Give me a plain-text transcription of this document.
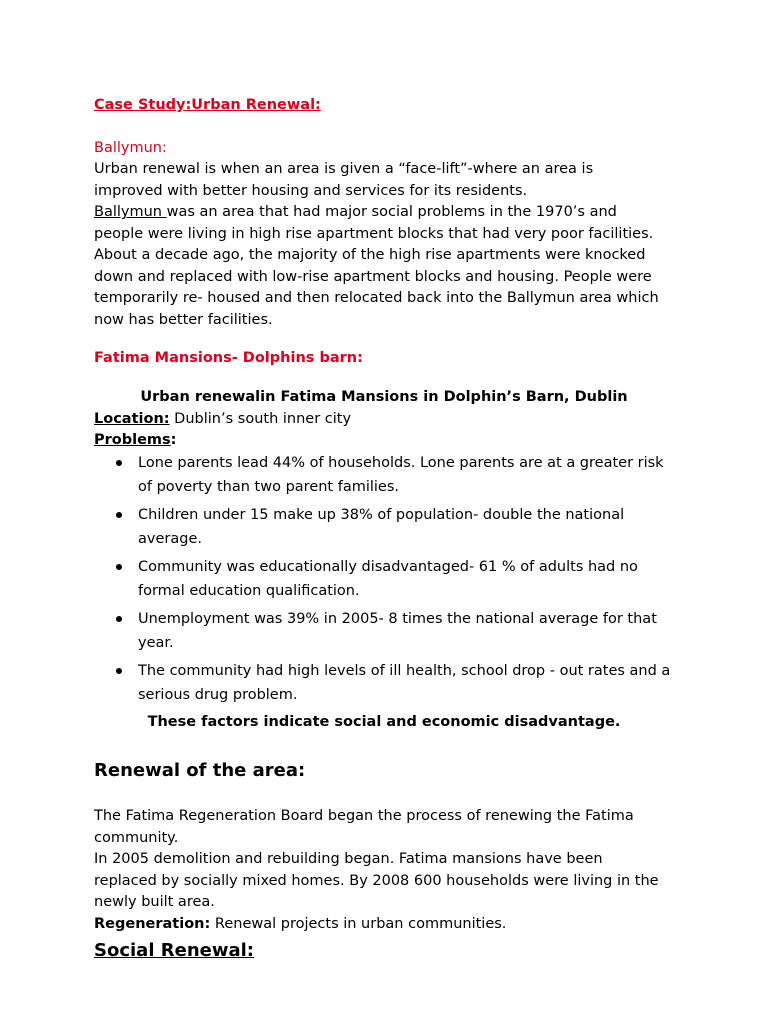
Case Study:Urban Renewal:
Ballymun:
Urban renewal is when an area is given a “face-lift”-where an area is improved with better housing and services for its residents.
Ballymun was an area that had major social problems in the 1970’s and people were living in high rise apartment blocks that had very poor facilities. About a decade ago, the majority of the high rise apartments were knocked down and replaced with low-rise apartment blocks and housing. People were temporarily re- housed and then relocated back into the Ballymun area which now has better facilities.
Fatima Mansions- Dolphins barn:
Urban renewalin Fatima Mansions in Dolphin’s Barn, Dublin
Location: Dublin’s south inner city
Problems:
Lone parents lead 44% of households. Lone parents are at a greater risk of poverty than two parent families.
Children under 15 make up 38% of population- double the national average.
Community was educationally disadvantaged- 61 % of adults had no formal education qualification.
Unemployment was 39% in 2005- 8 times the national average for that year.
The community had high levels of ill health, school drop - out rates and a serious drug problem.
These factors indicate social and economic disadvantage.
Renewal of the area:
The Fatima Regeneration Board began the process of renewing the Fatima community.
In 2005 demolition and rebuilding began. Fatima mansions have been replaced by socially mixed homes. By 2008 600 households were living in the newly built area.
Regeneration: Renewal projects in urban communities.
Social Renewal:
